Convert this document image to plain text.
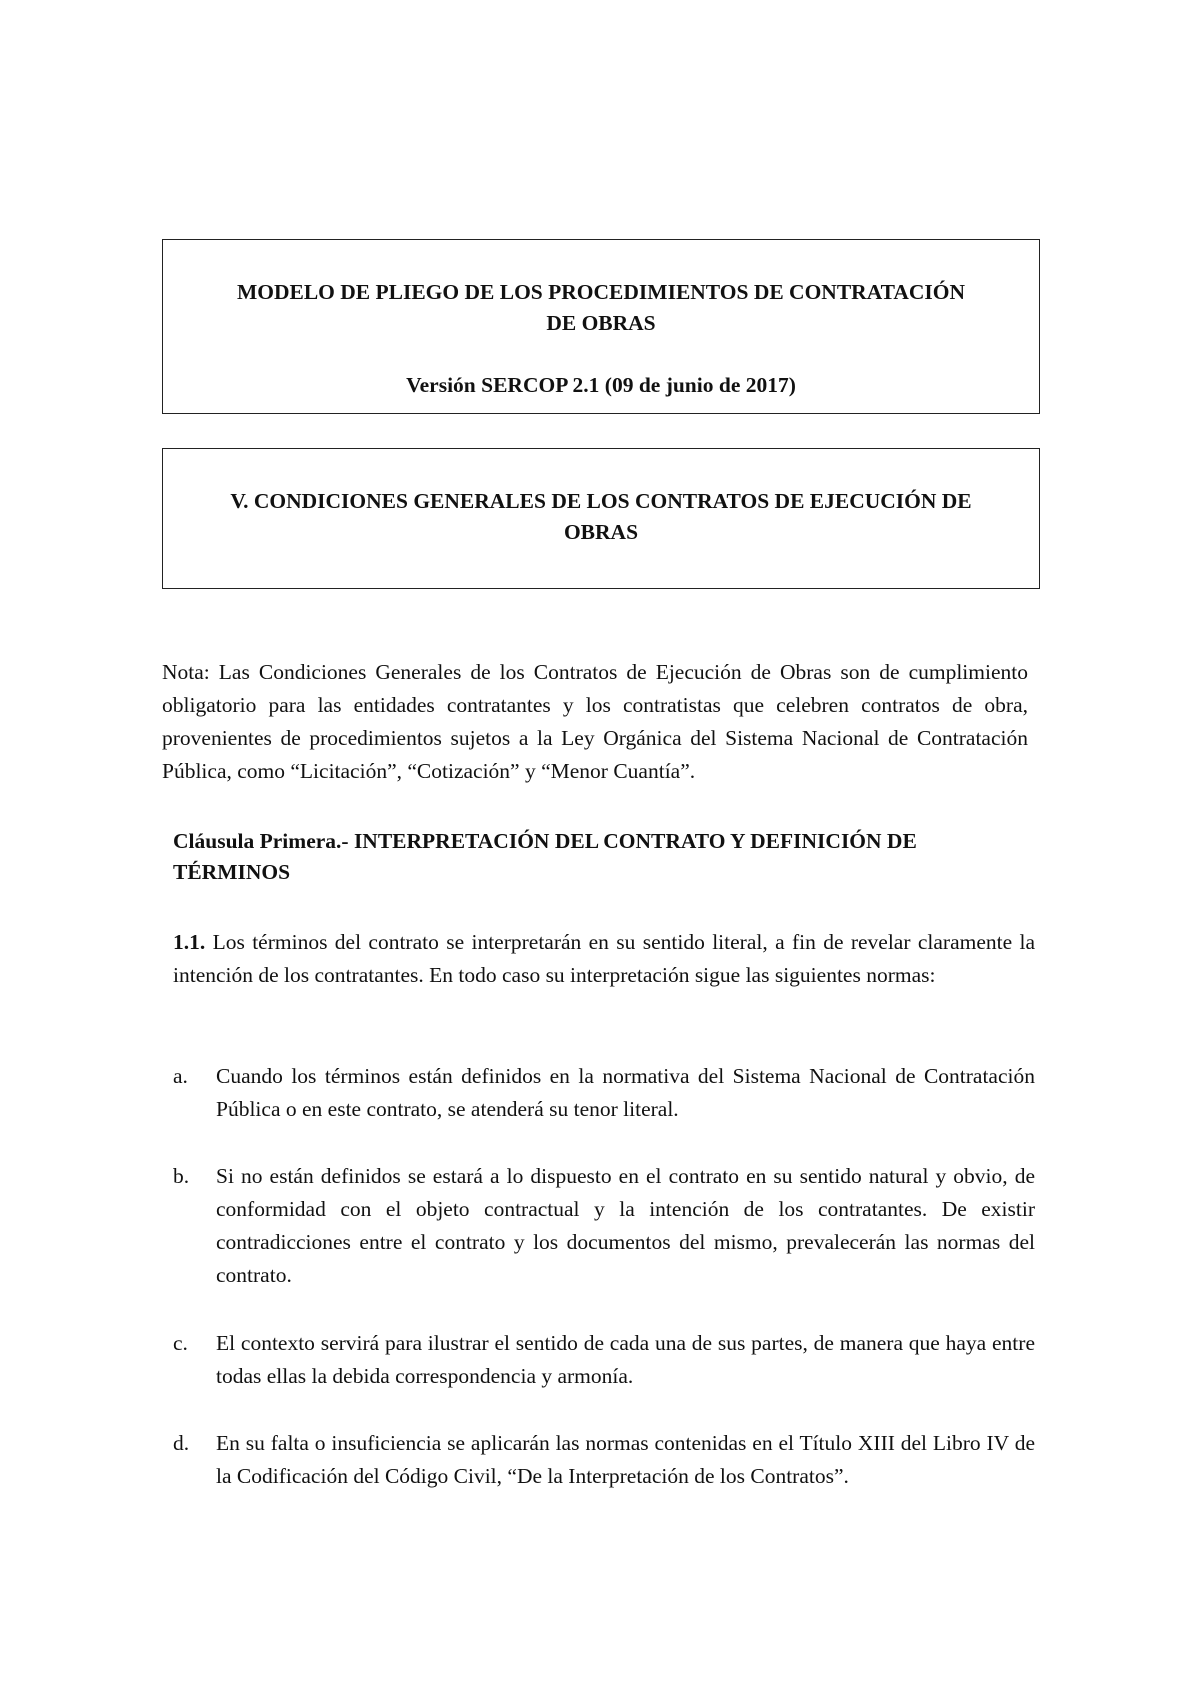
MODELO DE PLIEGO DE LOS PROCEDIMIENTOS DE CONTRATACIÓN
DE OBRAS
Versión SERCOP 2.1 (09 de junio de 2017)
V. CONDICIONES GENERALES DE LOS CONTRATOS DE EJECUCIÓN DE
OBRAS
Nota: Las Condiciones Generales de los Contratos de Ejecución de Obras son de cumplimiento obligatorio para las entidades contratantes y los contratistas que celebren contratos de obra, provenientes de procedimientos sujetos a la Ley Orgánica del Sistema Nacional de Contratación Pública, como “Licitación”, “Cotización” y “Menor Cuantía”.
Cláusula Primera.- INTERPRETACIÓN DEL CONTRATO Y DEFINICIÓN DE TÉRMINOS
1.1. Los términos del contrato se interpretarán en su sentido literal, a fin de revelar claramente la intención de los contratantes. En todo caso su interpretación sigue las siguientes normas:
a.	Cuando los términos están definidos en la normativa del Sistema Nacional de Contratación Pública o en este contrato, se atenderá su tenor literal.
b.	Si no están definidos se estará a lo dispuesto en el contrato en su sentido natural y obvio, de conformidad con el objeto contractual y la intención de los contratantes. De existir contradicciones entre el contrato y los documentos del mismo, prevalecerán las normas del contrato.
c.	El contexto servirá para ilustrar el sentido de cada una de sus partes, de manera que haya entre todas ellas la debida correspondencia y armonía.
d.	En su falta o insuficiencia se aplicarán las normas contenidas en el Título XIII del Libro IV de la Codificación del Código Civil, “De la Interpretación de los Contratos”.
